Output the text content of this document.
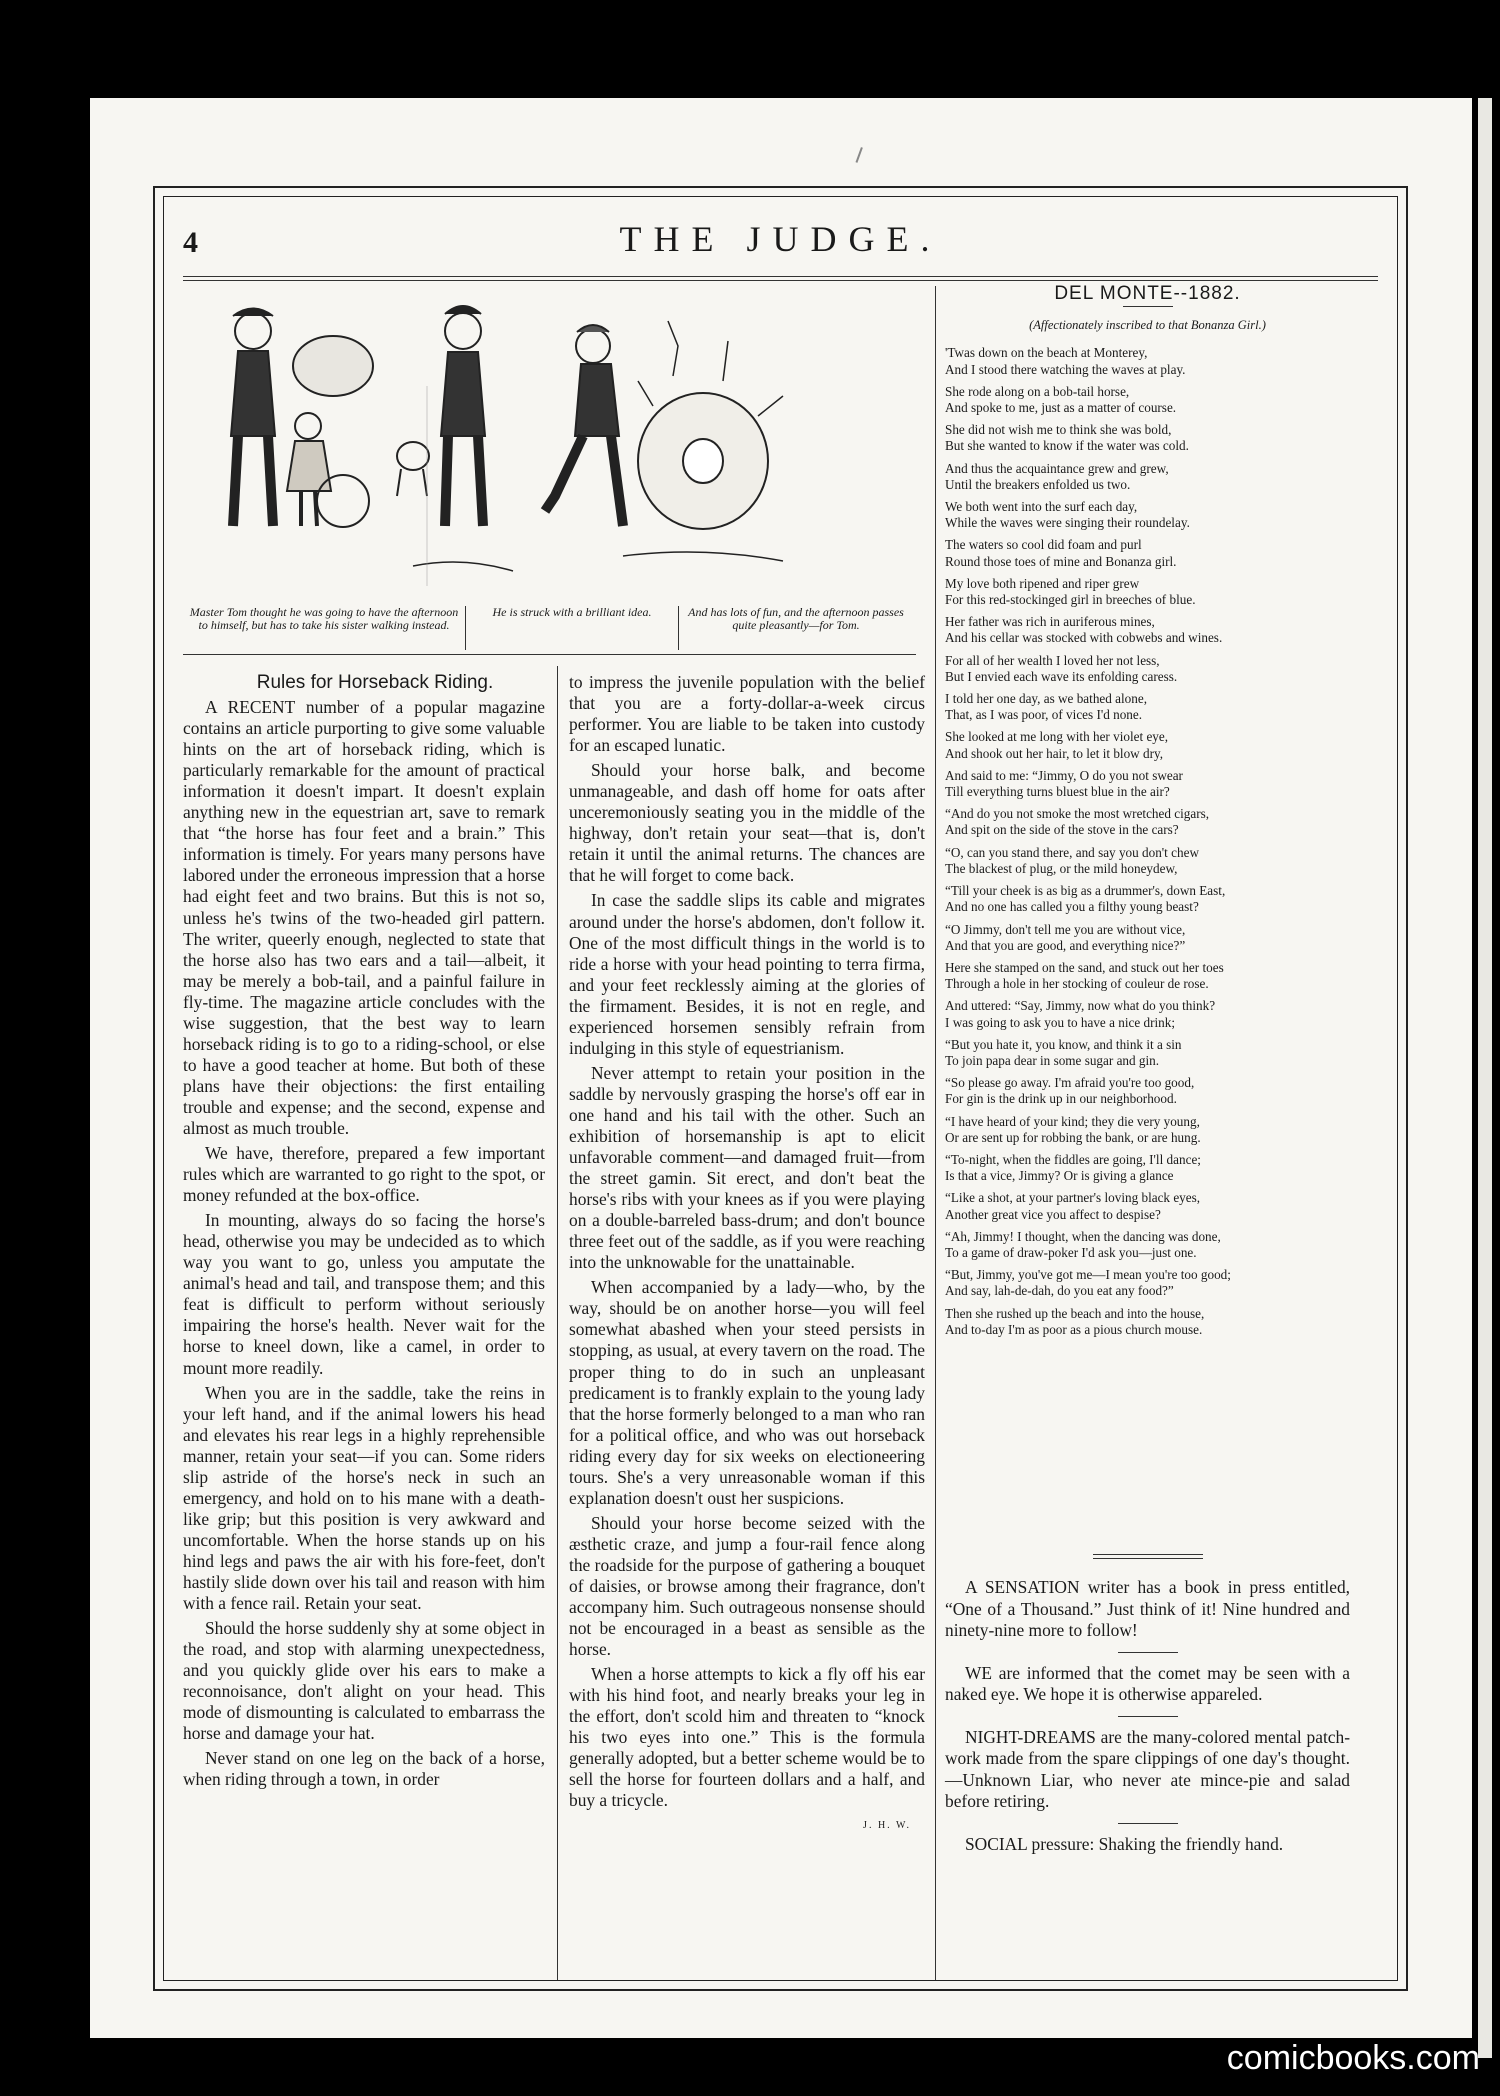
4	THE JUDGE.
Master Tom thought he was going to have the afternoon to himself, but has to take his sister walking instead.
He is struck with a brilliant idea.	And has lots of fun, and the afternoon passes quite pleasantly—for Tom.

Rules for Horseback Riding.

A RECENT number of a popular magazine contains an article purporting to give some valuable hints on the art of horseback riding, which is particularly remarkable for the amount of practical information it doesn't impart. It doesn't explain anything new in the equestrian art, save to remark that “the horse has four feet and a brain.” This information is timely. For years many persons have labored under the erroneous impression that a horse had eight feet and two brains. But this is not so, unless he's twins of the two-headed girl pattern. The writer, queerly enough, neglected to state that the horse also has two ears and a tail—albeit, it may be merely a bob-tail, and a painful failure in fly-time. The magazine article concludes with the wise suggestion, that the best way to learn horseback riding is to go to a riding-school, or else to have a good teacher at home. But both of these plans have their objections: the first entailing trouble and expense; and the second, expense and almost as much trouble.

We have, therefore, prepared a few important rules which are warranted to go right to the spot, or money refunded at the box-office.

In mounting, always do so facing the horse's head, otherwise you may be undecided as to which way you want to go, unless you amputate the animal's head and tail, and transpose them; and this feat is difficult to perform without seriously impairing the horse's health. Never wait for the horse to kneel down, like a camel, in order to mount more readily.

When you are in the saddle, take the reins in your left hand, and if the animal lowers his head and elevates his rear legs in a highly reprehensible manner, retain your seat—if you can. Some riders slip astride of the horse's neck in such an emergency, and hold on to his mane with a death-like grip; but this position is very awkward and uncomfortable. When the horse stands up on his hind legs and paws the air with his fore-feet, don't hastily slide down over his tail and reason with him with a fence rail. Retain your seat.

Should the horse suddenly shy at some object in the road, and stop with alarming unexpectedness, and you quickly glide over his ears to make a reconnoisance, don't alight on your head. This mode of dismounting is calculated to embarrass the horse and damage your hat.

Never stand on one leg on the back of a horse, when riding through a town, in order

to impress the juvenile population with the belief that you are a forty-dollar-a-week circus performer. You are liable to be taken into custody for an escaped lunatic.

Should your horse balk, and become unmanageable, and dash off home for oats after unceremoniously seating you in the middle of the highway, don't retain your seat—that is, don't retain it until the animal returns. The chances are that he will forget to come back.

In case the saddle slips its cable and migrates around under the horse's abdomen, don't follow it. One of the most difficult things in the world is to ride a horse with your head pointing to terra firma, and your feet recklessly aiming at the glories of the firmament. Besides, it is not en regle, and experienced horsemen sensibly refrain from indulging in this style of equestrianism.

Never attempt to retain your position in the saddle by nervously grasping the horse's off ear in one hand and his tail with the other. Such an exhibition of horsemanship is apt to elicit unfavorable comment—and damaged fruit—from the street gamin. Sit erect, and don't beat the horse's ribs with your knees as if you were playing on a double-barreled bass-drum; and don't bounce three feet out of the saddle, as if you were reaching into the unknowable for the unattainable.

When accompanied by a lady—who, by the way, should be on another horse—you will feel somewhat abashed when your steed persists in stopping, as usual, at every tavern on the road. The proper thing to do in such an unpleasant predicament is to frankly explain to the young lady that the horse formerly belonged to a man who ran for a political office, and who was out horseback riding every day for six weeks on electioneering tours. She's a very unreasonable woman if this explanation doesn't oust her suspicions.

Should your horse become seized with the æsthetic craze, and jump a four-rail fence along the roadside for the purpose of gathering a bouquet of daisies, or browse among their fragrance, don't accompany him. Such outrageous nonsense should not be encouraged in a beast as sensible as the horse.

When a horse attempts to kick a fly off his ear with his hind foot, and nearly breaks your leg in the effort, don't scold him and threaten to “knock his two eyes into one.” This is the formula generally adopted, but a better scheme would be to sell the horse for fourteen dollars and a half, and buy a tricycle.

J. H. W.
DEL MONTE--1882.
(Affectionately inscribed to that Bonanza Girl.)
'Twas down on the beach at Monterey,
And I stood there watching the waves at play.
She rode along on a bob-tail horse,
And spoke to me, just as a matter of course.
She did not wish me to think she was bold,
But she wanted to know if the water was cold.
And thus the acquaintance grew and grew,
Until the breakers enfolded us two.
We both went into the surf each day,
While the waves were singing their roundelay.
The waters so cool did foam and purl
Round those toes of mine and Bonanza girl.
My love both ripened and riper grew
For this red-stockinged girl in breeches of blue.
Her father was rich in auriferous mines,
And his cellar was stocked with cobwebs and wines.
For all of her wealth I loved her not less,
But I envied each wave its enfolding caress.
I told her one day, as we bathed alone,
That, as I was poor, of vices I'd none.
She looked at me long with her violet eye,
And shook out her hair, to let it blow dry,
And said to me: “Jimmy, O do you not swear
Till everything turns bluest blue in the air?
“And do you not smoke the most wretched cigars,
And spit on the side of the stove in the cars?
“O, can you stand there, and say you don't chew
The blackest of plug, or the mild honeydew,
“Till your cheek is as big as a drummer's, down East,
And no one has called you a filthy young beast?
“O Jimmy, don't tell me you are without vice,
And that you are good, and everything nice?”
Here she stamped on the sand, and stuck out her toes
Through a hole in her stocking of couleur de rose.
And uttered: “Say, Jimmy, now what do you think?
I was going to ask you to have a nice drink;
“But you hate it, you know, and think it a sin
To join papa dear in some sugar and gin.
“So please go away. I'm afraid you're too good,
For gin is the drink up in our neighborhood.
“I have heard of your kind; they die very young,
Or are sent up for robbing the bank, or are hung.
“To-night, when the fiddles are going, I'll dance;
Is that a vice, Jimmy? Or is giving a glance
“Like a shot, at your partner's loving black eyes,
Another great vice you affect to despise?
“Ah, Jimmy! I thought, when the dancing was done,
To a game of draw-poker I'd ask you—just one.
“But, Jimmy, you've got me—I mean you're too good;
And say, lah-de-dah, do you eat any food?”
Then she rushed up the beach and into the house,
And to-day I'm as poor as a pious church mouse.

A SENSATION writer has a book in press entitled, “One of a Thousand.” Just think of it! Nine hundred and ninety-nine more to follow!

WE are informed that the comet may be seen with a naked eye. We hope it is otherwise appareled.

NIGHT-DREAMS are the many-colored mental patch-work made from the spare clippings of one day's thought.—Unknown Liar, who never ate mince-pie and salad before retiring.

SOCIAL pressure: Shaking the friendly hand.

comicbooks.com
